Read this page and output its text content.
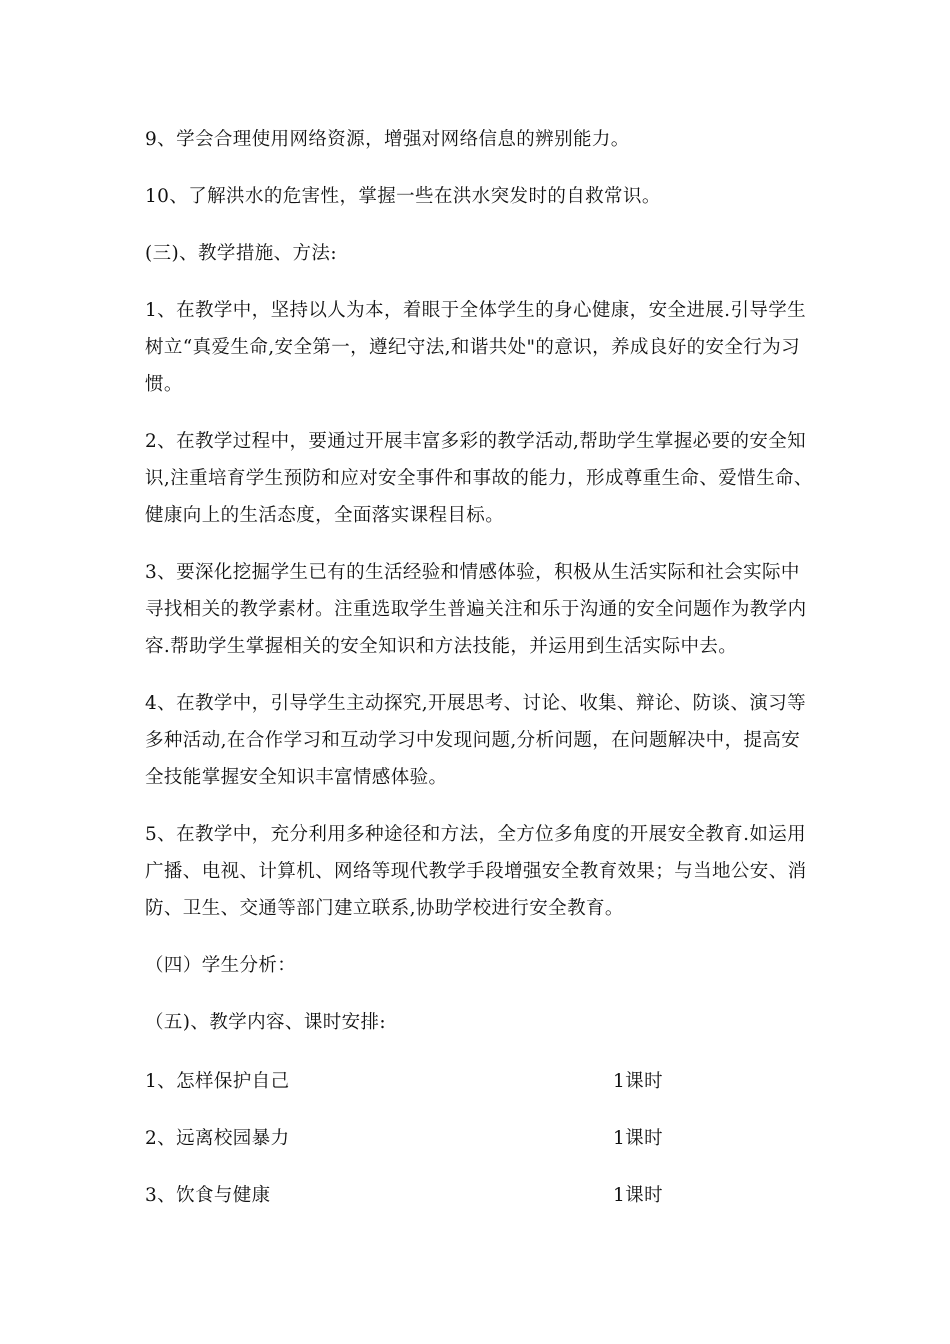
9、学会合理使用网络资源，增强对网络信息的辨别能力。

10、了解洪水的危害性，掌握一些在洪水突发时的自救常识。

(三)、教学措施、方法:

1、在教学中，坚持以人为本，着眼于全体学生的身心健康，安全进展.引导学生树立“真爱生命,安全第一，遵纪守法,和谐共处"的意识，养成良好的安全行为习惯。

2、在教学过程中，要通过开展丰富多彩的教学活动,帮助学生掌握必要的安全知识,注重培育学生预防和应对安全事件和事故的能力，形成尊重生命、爱惜生命、健康向上的生活态度，全面落实课程目标。

3、要深化挖掘学生已有的生活经验和情感体验，积极从生活实际和社会实际中寻找相关的教学素材。注重选取学生普遍关注和乐于沟通的安全问题作为教学内容.帮助学生掌握相关的安全知识和方法技能，并运用到生活实际中去。

4、在教学中，引导学生主动探究,开展思考、讨论、收集、辩论、防谈、演习等多种活动,在合作学习和互动学习中发现问题,分析问题，在问题解决中，提高安全技能掌握安全知识丰富情感体验。

5、在教学中，充分利用多种途径和方法，全方位多角度的开展安全教育.如运用广播、电视、计算机、网络等现代教学手段增强安全教育效果；与当地公安、消防、卫生、交通等部门建立联系,协助学校进行安全教育。

（四）学生分析：

（五)、教学内容、课时安排:

1、怎样保护自己	1课时
2、远离校园暴力	1课时
3、饮食与健康	1课时
